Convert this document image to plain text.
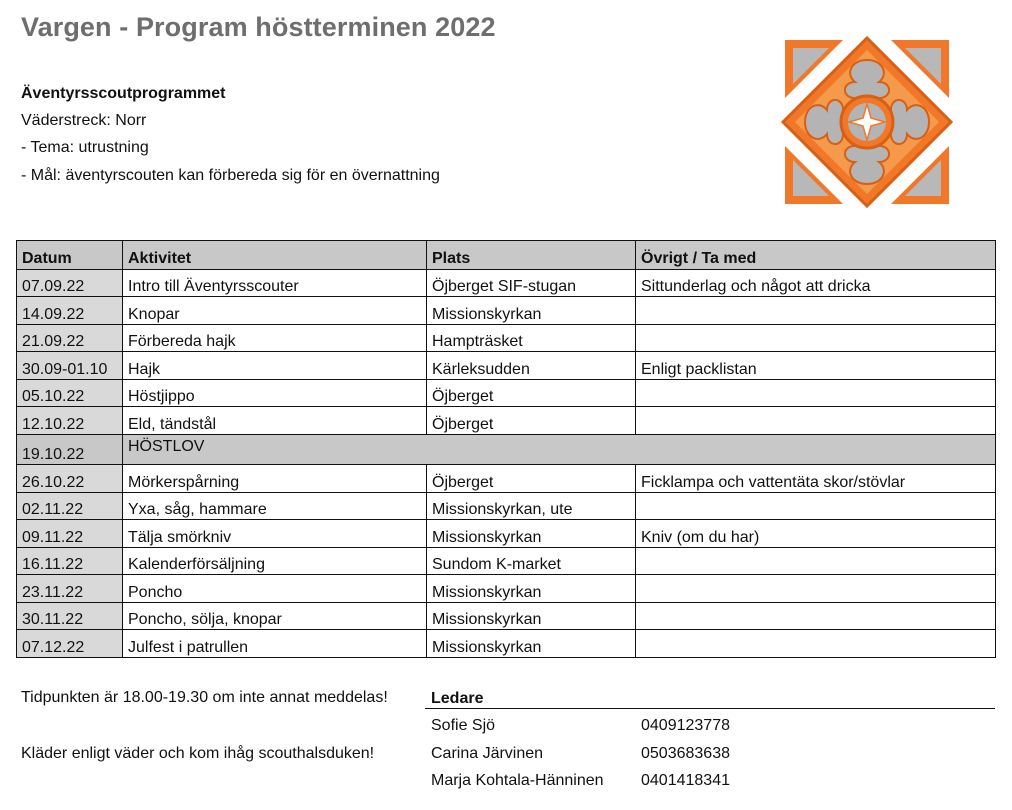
Vargen - Program höstterminen 2022
Äventyrsscoutprogrammet
Väderstreck: Norr
- Tema: utrustning
- Mål: äventyrscouten kan förbereda sig för en övernattning
Datum	Aktivitet	Plats	Övrigt / Ta med
07.09.22	Intro till Äventyrsscouter	Öjberget SIF-stugan	Sittunderlag och något att dricka
14.09.22	Knopar	Missionskyrkan	
21.09.22	Förbereda hajk	Hampträsket	
30.09-01.10	Hajk	Kärleksudden	Enligt packlistan
05.10.22	Höstjippo	Öjberget	
12.10.22	Eld, tändstål	Öjberget	
19.10.22	HÖSTLOV		
26.10.22	Mörkerspårning	Öjberget	Ficklampa och vattentäta skor/stövlar
02.11.22	Yxa, såg, hammare	Missionskyrkan, ute	
09.11.22	Tälja smörkniv	Missionskyrkan	Kniv (om du har)
16.11.22	Kalenderförsäljning	Sundom K-market	
23.11.22	Poncho	Missionskyrkan	
30.11.22	Poncho, sölja, knopar	Missionskyrkan	
07.12.22	Julfest i patrullen	Missionskyrkan	
Tidpunkten är 18.00-19.30 om inte annat meddelas!
Kläder enligt väder och kom ihåg scouthalsduken!
Ledare
Sofie Sjö	0409123778
Carina Järvinen	0503683638
Marja Kohtala-Hänninen 0401418341
